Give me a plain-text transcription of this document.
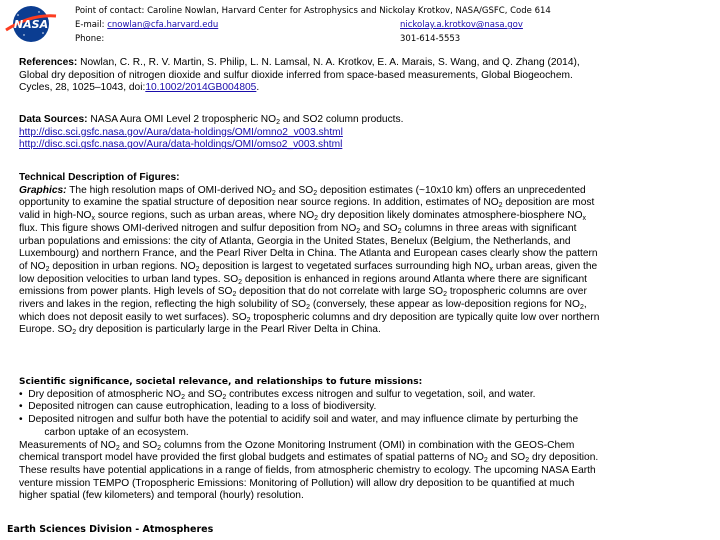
NASA
Point of contact: Caroline Nowlan, Harvard Center for Astrophysics and Nickolay Krotkov, NASA/GSFC, Code 614
E-mail: cnowlan@cfa.harvard.edu	nickolay.a.krotkov@nasa.gov
Phone:	301-614-5553
References: Nowlan, C. R., R. V. Martin, S. Philip, L. N. Lamsal, N. A. Krotkov, E. A. Marais, S. Wang, and Q. Zhang (2014),
Global dry deposition of nitrogen dioxide and sulfur dioxide inferred from space-based measurements, Global Biogeochem.
Cycles, 28, 1025–1043, doi:10.1002/2014GB004805.
Data Sources: NASA Aura OMI Level 2 tropospheric $NO_2$ and SO2 column products.
http://disc.sci.gsfc.nasa.gov/Aura/data-holdings/OMI/omno2_v003.shtml
http://disc.sci.gsfc.nasa.gov/Aura/data-holdings/OMI/omso2_v003.shtml
Technical Description of Figures:
Graphics: The high resolution maps of OMI-derived $NO_2$ and $SO_2$ deposition estimates (~10x10 km) offers an unprecedented
opportunity to examine the spatial structure of deposition near source regions. In addition, estimates of $NO_2$ deposition are most
valid in high-$NO_x$ source regions, such as urban areas, where $NO_2$ dry deposition likely dominates atmosphere-biosphere $NO_x$
flux. This figure shows OMI-derived nitrogen and sulfur deposition from $NO_2$ and $SO_2$ columns in three areas with significant
urban populations and emissions: the city of Atlanta, Georgia in the United States, Benelux (Belgium, the Netherlands, and
Luxembourg) and northern France, and the Pearl River Delta in China. The Atlanta and European cases clearly show the pattern
of $NO_2$ deposition in urban regions. $NO_2$ deposition is largest to vegetated surfaces surrounding high $NO_x$ urban areas, given the
low deposition velocities to urban land types. $SO_2$ deposition is enhanced in regions around Atlanta where there are significant
emissions from power plants. High levels of $SO_2$ deposition that do not correlate with large $SO_2$ tropospheric columns are over
rivers and lakes in the region, reflecting the high solubility of $SO_2$ (conversely, these appear as low-deposition regions for $NO_2$,
which does not deposit easily to wet surfaces). $SO_2$ tropospheric columns and dry deposition are typically quite low over northern
Europe. $SO_2$ dry deposition is particularly large in the Pearl River Delta in China.
Scientific significance, societal relevance, and relationships to future missions:
•  Dry deposition of atmospheric $NO_2$ and $SO_2$ contributes excess nitrogen and sulfur to vegetation, soil, and water.
•  Deposited nitrogen can cause eutrophication, leading to a loss of biodiversity.
•  Deposited nitrogen and sulfur both have the potential to acidify soil and water, and may influence climate by perturbing the
carbon uptake of an ecosystem.
Measurements of $NO_2$ and $SO_2$ columns from the Ozone Monitoring Instrument (OMI) in combination with the GEOS-Chem
chemical transport model have provided the first global budgets and estimates of spatial patterns of $NO_2$ and $SO_2$ dry deposition.
These results have potential applications in a range of fields, from atmospheric chemistry to ecology. The upcoming NASA Earth
venture mission TEMPO (Tropospheric Emissions: Monitoring of Pollution) will allow dry deposition to be quantified at much
higher spatial (few kilometers) and temporal (hourly) resolution.
Earth Sciences Division - Atmospheres
